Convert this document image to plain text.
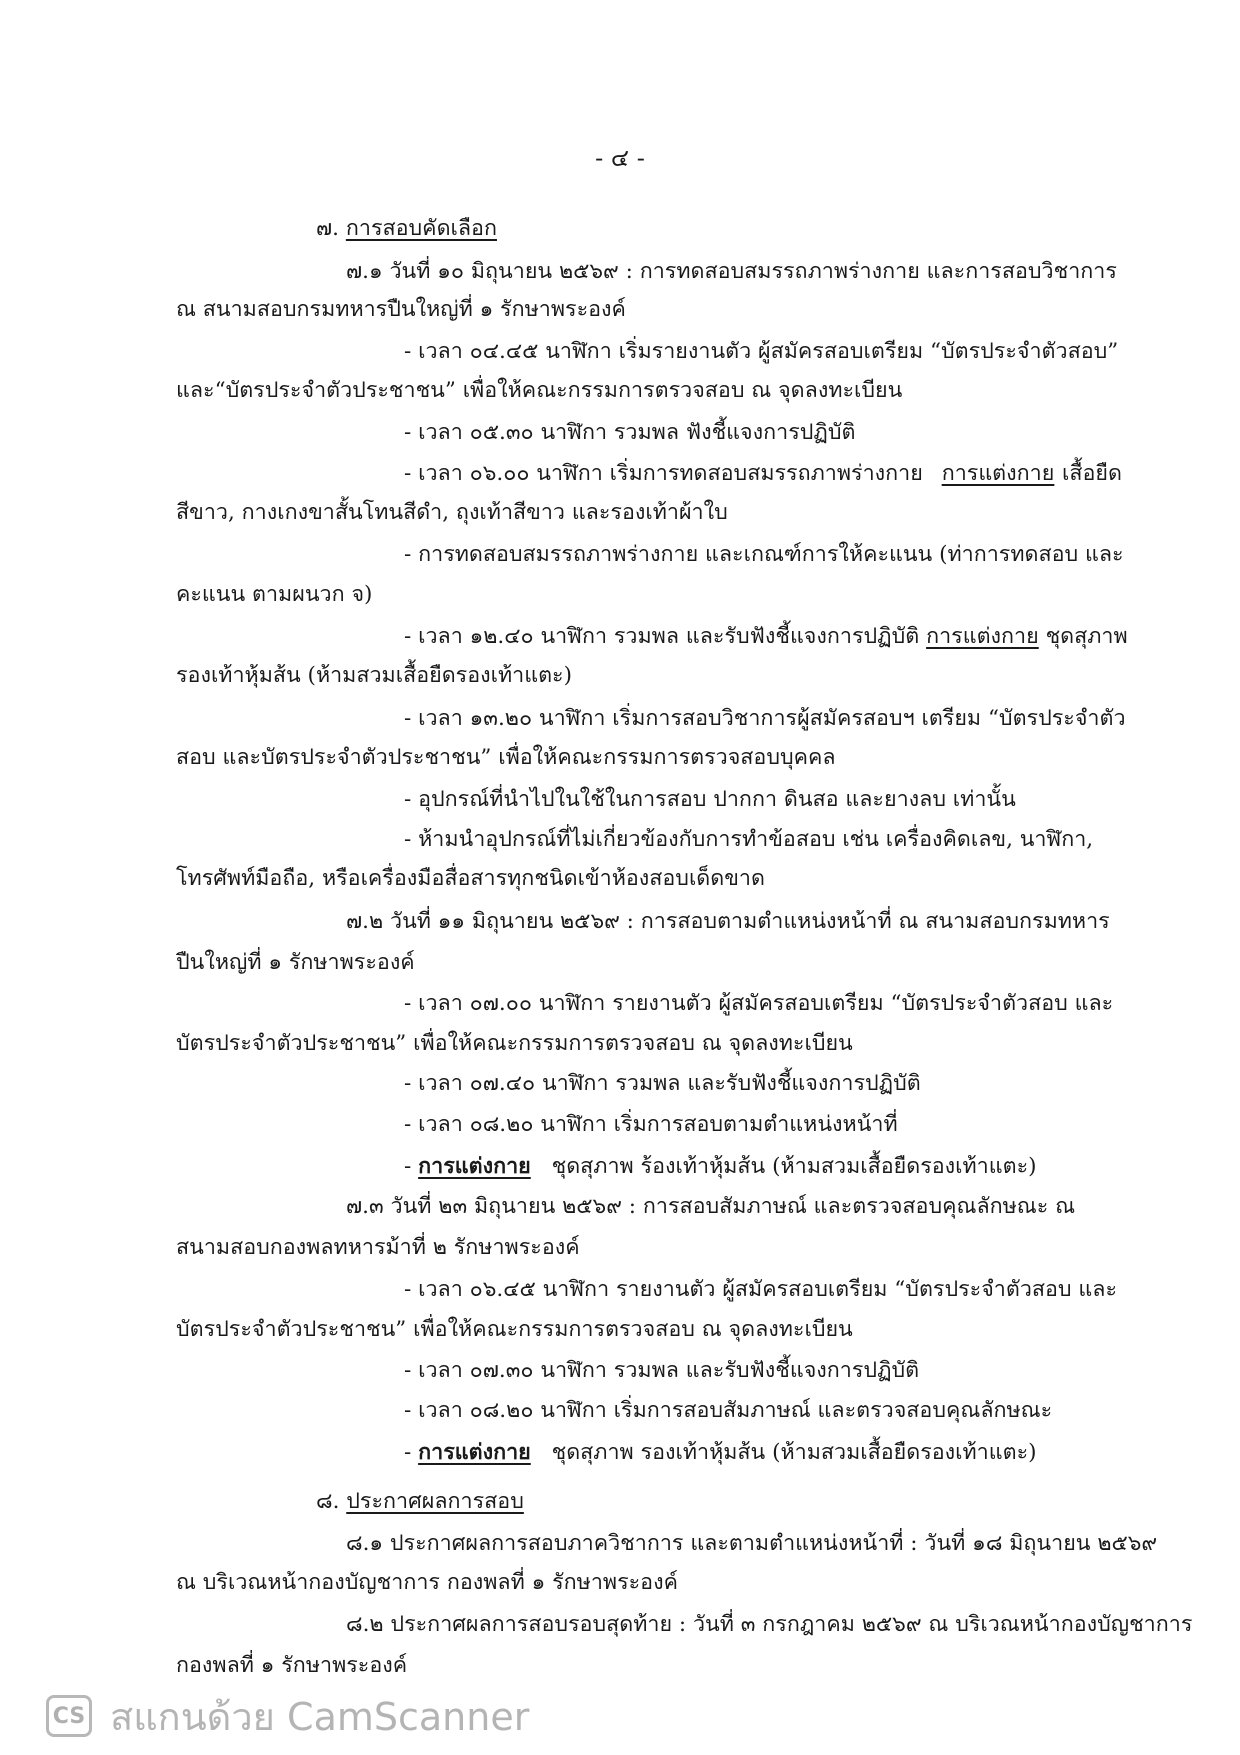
- ๔ -
๗. การสอบคัดเลือก
๗.๑ วันที่ ๑๐ มิถุนายน ๒๕๖๙ : การทดสอบสมรรถภาพร่างกาย และการสอบวิชาการ
ณ สนามสอบกรมทหารปืนใหญ่ที่ ๑ รักษาพระองค์
- เวลา ๐๔.๔๕ นาฬิกา เริ่มรายงานตัว ผู้สมัครสอบเตรียม “บัตรประจำตัวสอบ”
และ“บัตรประจำตัวประชาชน” เพื่อให้คณะกรรมการตรวจสอบ ณ จุดลงทะเบียน
- เวลา ๐๕.๓๐ นาฬิกา รวมพล ฟังชี้แจงการปฏิบัติ
- เวลา ๐๖.๐๐ นาฬิกา เริ่มการทดสอบสมรรถภาพร่างกาย การแต่งกาย เสื้อยืด
สีขาว, กางเกงขาสั้นโทนสีดำ, ถุงเท้าสีขาว และรองเท้าผ้าใบ
- การทดสอบสมรรถภาพร่างกาย และเกณฑ์การให้คะแนน (ท่าการทดสอบ และ
คะแนน ตามผนวก จ)
- เวลา ๑๒.๔๐ นาฬิกา รวมพล และรับฟังชี้แจงการปฏิบัติ การแต่งกาย ชุดสุภาพ
รองเท้าหุ้มส้น (ห้ามสวมเสื้อยืดรองเท้าแตะ)
- เวลา ๑๓.๒๐ นาฬิกา เริ่มการสอบวิชาการผู้สมัครสอบฯ เตรียม “บัตรประจำตัว
สอบ และบัตรประจำตัวประชาชน” เพื่อให้คณะกรรมการตรวจสอบบุคคล
- อุปกรณ์ที่นำไปในใช้ในการสอบ ปากกา ดินสอ และยางลบ เท่านั้น
- ห้ามนำอุปกรณ์ที่ไม่เกี่ยวข้องกับการทำข้อสอบ เช่น เครื่องคิดเลข, นาฬิกา,
โทรศัพท์มือถือ, หรือเครื่องมือสื่อสารทุกชนิดเข้าห้องสอบเด็ดขาด
๗.๒ วันที่ ๑๑ มิถุนายน ๒๕๖๙ : การสอบตามตำแหน่งหน้าที่ ณ สนามสอบกรมทหาร
ปืนใหญ่ที่ ๑ รักษาพระองค์
- เวลา ๐๗.๐๐ นาฬิกา รายงานตัว ผู้สมัครสอบเตรียม “บัตรประจำตัวสอบ และ
บัตรประจำตัวประชาชน” เพื่อให้คณะกรรมการตรวจสอบ ณ จุดลงทะเบียน
- เวลา ๐๗.๔๐ นาฬิกา รวมพล และรับฟังชี้แจงการปฏิบัติ
- เวลา ๐๘.๒๐ นาฬิกา เริ่มการสอบตามตำแหน่งหน้าที่
- การแต่งกาย ชุดสุภาพ ร้องเท้าหุ้มส้น (ห้ามสวมเสื้อยืดรองเท้าแตะ)
๗.๓ วันที่ ๒๓ มิถุนายน ๒๕๖๙ : การสอบสัมภาษณ์ และตรวจสอบคุณลักษณะ ณ
สนามสอบกองพลทหารม้าที่ ๒ รักษาพระองค์
- เวลา ๐๖.๔๕ นาฬิกา รายงานตัว ผู้สมัครสอบเตรียม “บัตรประจำตัวสอบ และ
บัตรประจำตัวประชาชน” เพื่อให้คณะกรรมการตรวจสอบ ณ จุดลงทะเบียน
- เวลา ๐๗.๓๐ นาฬิกา รวมพล และรับฟังชี้แจงการปฏิบัติ
- เวลา ๐๘.๒๐ นาฬิกา เริ่มการสอบสัมภาษณ์ และตรวจสอบคุณลักษณะ
- การแต่งกาย ชุดสุภาพ รองเท้าหุ้มส้น (ห้ามสวมเสื้อยืดรองเท้าแตะ)
๘. ประกาศผลการสอบ
๘.๑ ประกาศผลการสอบภาควิชาการ และตามตำแหน่งหน้าที่ : วันที่ ๑๘ มิถุนายน ๒๕๖๙
ณ บริเวณหน้ากองบัญชาการ กองพลที่ ๑ รักษาพระองค์
๘.๒ ประกาศผลการสอบรอบสุดท้าย : วันที่ ๓ กรกฎาคม ๒๕๖๙ ณ บริเวณหน้ากองบัญชาการ
กองพลที่ ๑ รักษาพระองค์
CS สแกนด้วย CamScanner
